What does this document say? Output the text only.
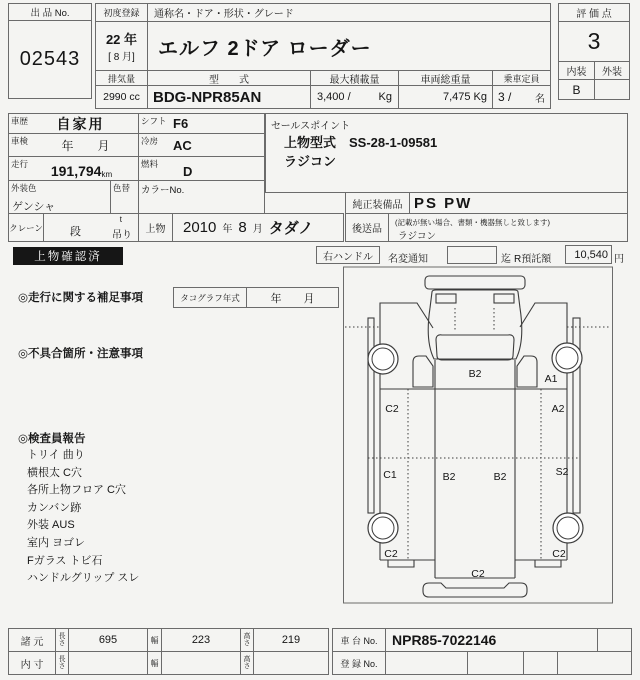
出 品 No.
02543
初度登録
22 年
[ 8 月]
通称名・ドア・形状・グレード
エルフ 2ドア ローダー
排気量
2990 cc
型　　式
BDG-NPR85AN
最大積載量
3,400 /	Kg
車両総重量
7,475 Kg
乗車定員
3 / 名
評 価 点
3
内装 外装
B
車歴	自家用	シフト F6
車検	年　　月	冷房	AC
走行	191,794 km
燃料	D
外装色
ゲンシャ
色替 カラーNo.
クレーン 段
t
吊り
上物 2010 年 8 月 タダノ
セールスポイント
上物型式　SS-28-1-09581
ラジコン
純正装備品 PS PW
後送品
(記載が無い場合、書類・機器無しと致します)
ラジコン
上物確認済	右ハンドル 名変通知	迄 R預託額 10,540 円
◎走行に関する補足事項	タコグラフ年式	年　　月
◎不具合箇所・注意事項
◎検査員報告
トリイ 曲り
横根太 C穴
各所上物フロア C穴
カンバン跡
外装 AUS
室内 ヨゴレ
Fガラス トビ石
ハンドルグリップ スレ
B2	A1
C2	A2
C1	B2	B2	S2
C2	C2
C2
諸 元 長さ	695	幅	223	高さ	219	車 台 No.	NPR85-7022146
内 寸 長さ	幅	高さ	登 録 No.
